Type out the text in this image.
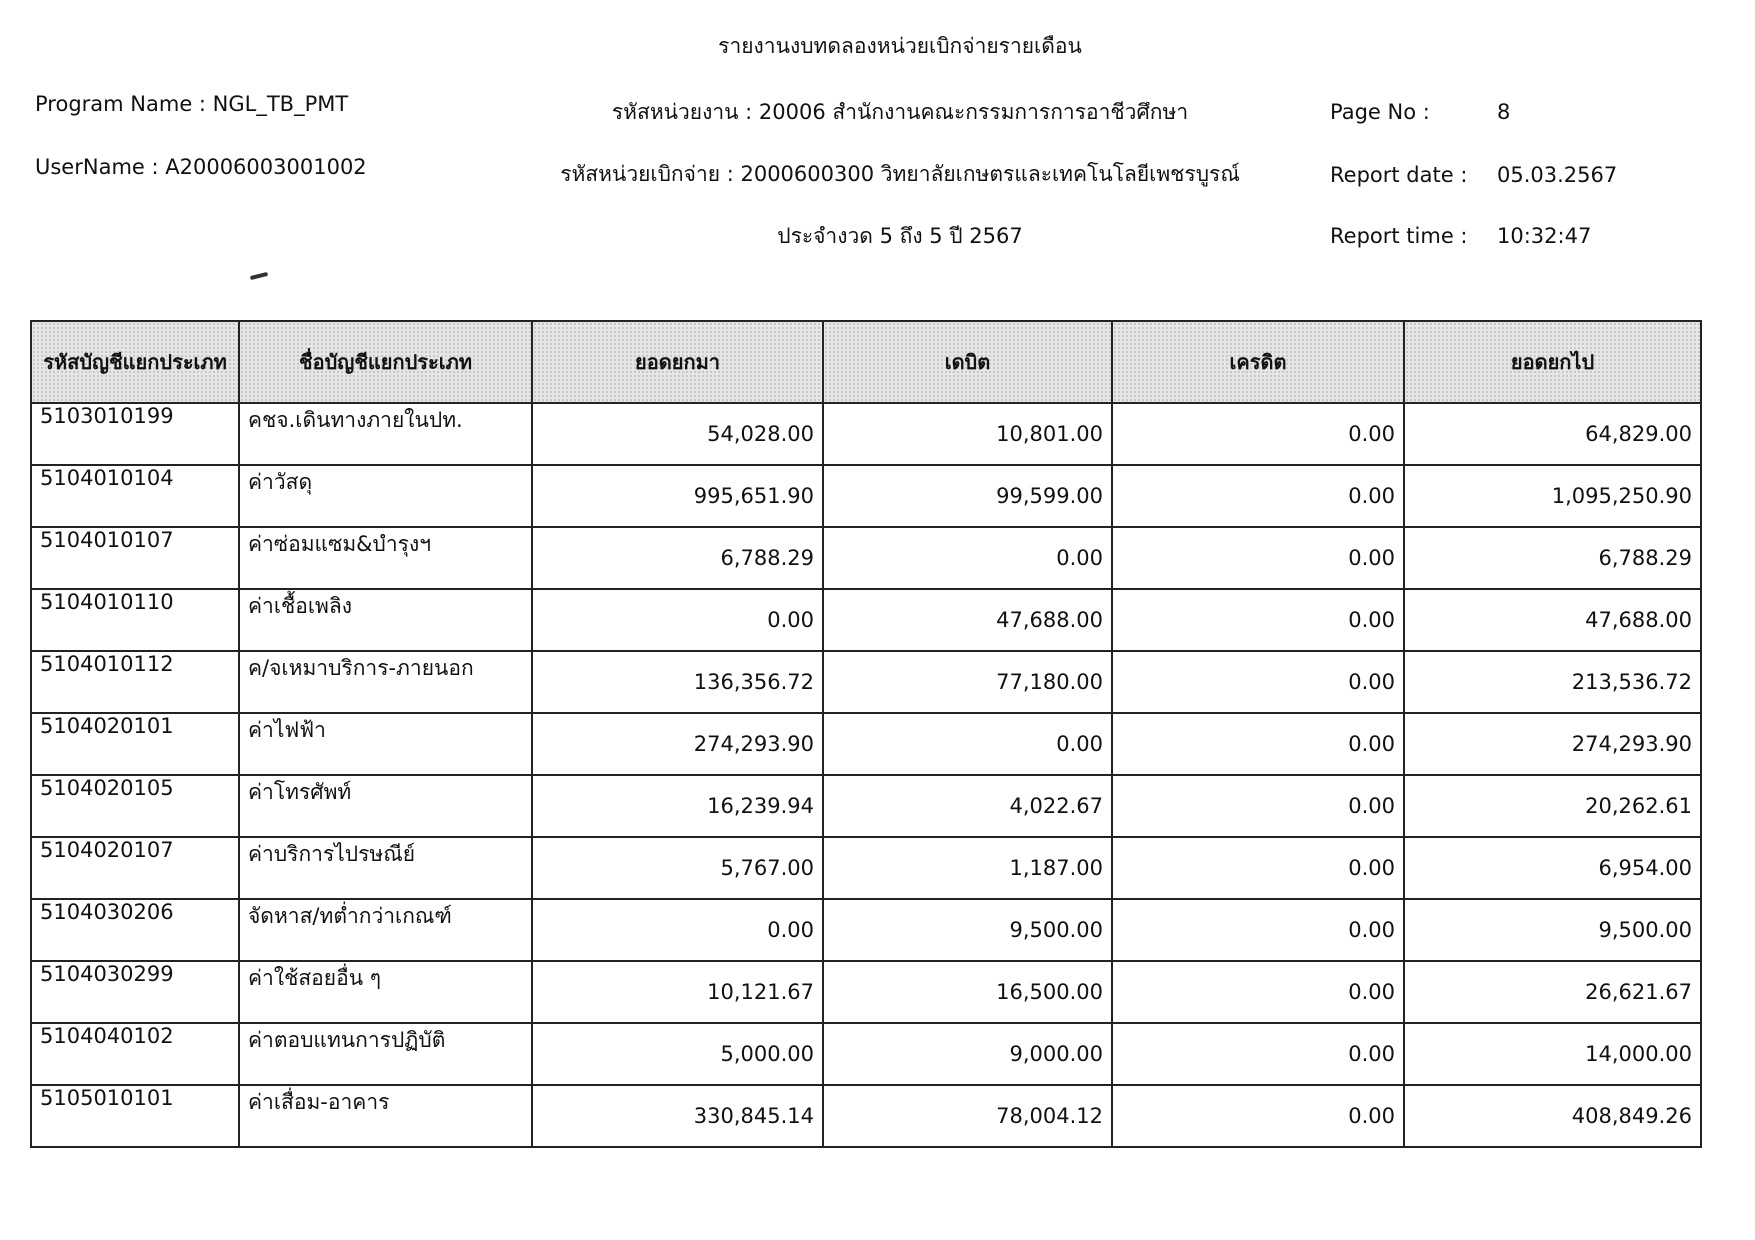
รายงานงบทดลองหน่วยเบิกจ่ายรายเดือน
Program Name : NGL_TB_PMT
UserName : A20006003001002
รหัสหน่วยงาน : 20006 สำนักงานคณะกรรมการการอาชีวศึกษา
รหัสหน่วยเบิกจ่าย : 2000600300 วิทยาลัยเกษตรและเทคโนโลยีเพชรบูรณ์
ประจำงวด 5 ถึง 5 ปี 2567
Page No :	8
Report date : 05.03.2567
Report time : 10:32:47
รหัสบัญชีแยกประเภท	ชื่อบัญชีแยกประเภท	ยอดยกมา	เดบิต	เครดิต	ยอดยกไป
5103010199	คชจ.เดินทางภายในปท.	54,028.00	10,801.00	0.00	64,829.00
5104010104	ค่าวัสดุ	995,651.90	99,599.00	0.00	1,095,250.90
5104010107	ค่าซ่อมแซม&บำรุงฯ	6,788.29	0.00	0.00	6,788.29
5104010110	ค่าเชื้อเพลิง	0.00	47,688.00	0.00	47,688.00
5104010112	ค/จเหมาบริการ-ภายนอก	136,356.72	77,180.00	0.00	213,536.72
5104020101	ค่าไฟฟ้า	274,293.90	0.00	0.00	274,293.90
5104020105	ค่าโทรศัพท์	16,239.94	4,022.67	0.00	20,262.61
5104020107	ค่าบริการไปรษณีย์	5,767.00	1,187.00	0.00	6,954.00
5104030206	จัดหาส/ทต่ำกว่าเกณฑ์	0.00	9,500.00	0.00	9,500.00
5104030299	ค่าใช้สอยอื่น ๆ	10,121.67	16,500.00	0.00	26,621.67
5104040102	ค่าตอบแทนการปฏิบัติ	5,000.00	9,000.00	0.00	14,000.00
5105010101	ค่าเสื่อม-อาคาร	330,845.14	78,004.12	0.00	408,849.26
